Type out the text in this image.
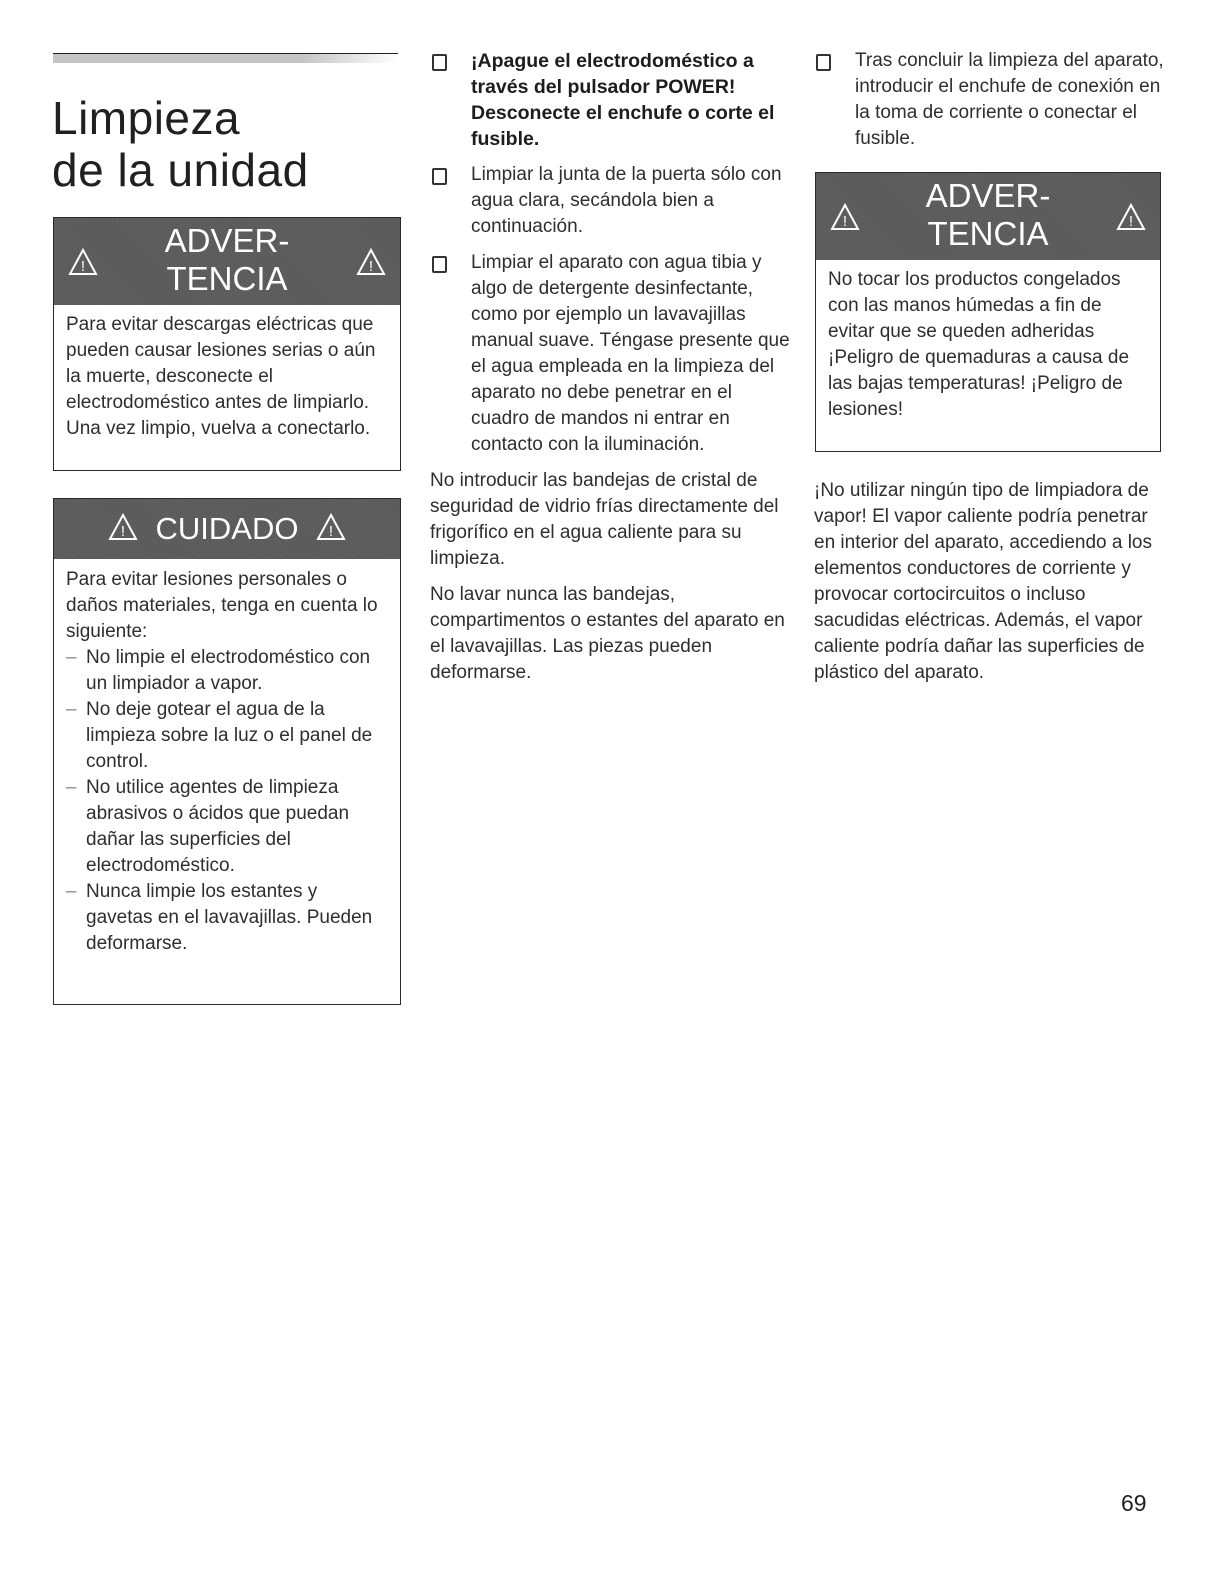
Limpieza
de la unidad
!
ADVER-
TENCIA	!

Para evitar descargas eléctricas que pueden causar lesiones serias o aún la muerte, desconecte el electrodoméstico antes de limpiarlo. Una vez limpio, vuelva a conectarlo.

! CUIDADO !

Para evitar lesiones personales o daños materiales, tenga en cuenta lo siguiente:

– No limpie el electrodoméstico con un limpiador a vapor.

– No deje gotear el agua de la limpieza sobre la luz o el panel de control.

– No utilice agentes de limpieza abrasivos o ácidos que puedan dañar las superficies del electrodoméstico.

– Nunca limpie los estantes y gavetas en el lavavajillas. Pueden deformarse.

¡Apague el electrodoméstico a través del pulsador POWER! Desconecte el enchufe o corte el fusible.
Limpiar la junta de la puerta sólo con agua clara, secándola bien a continuación.
Limpiar el aparato con agua tibia y algo de detergente desinfectante, como por ejemplo un lavavajillas manual suave. Téngase presente que el agua empleada en la limpieza del aparato no debe penetrar en el cuadro de mandos ni entrar en contacto con la iluminación.

No introducir las bandejas de cristal de seguridad de vidrio frías directamente del frigorífico en el agua caliente para su limpieza.

No lavar nunca las bandejas, compartimentos o estantes del aparato en el lavavajillas. Las piezas pueden deformarse.

Tras concluir la limpieza del aparato, introducir el enchufe de conexión en la toma de corriente o conectar el fusible.
!
ADVER-
TENCIA	!

No tocar los productos congelados con las manos húmedas a fin de evitar que se queden adheridas ¡Peligro de quemaduras a causa de las bajas temperaturas! ¡Peligro de lesiones!

¡No utilizar ningún tipo de limpiadora de vapor! El vapor caliente podría penetrar en interior del aparato, accediendo a los elementos conductores de corriente y provocar cortocircuitos o incluso sacudidas eléctricas. Además, el vapor caliente podría dañar las superficies de plástico del aparato.

69
